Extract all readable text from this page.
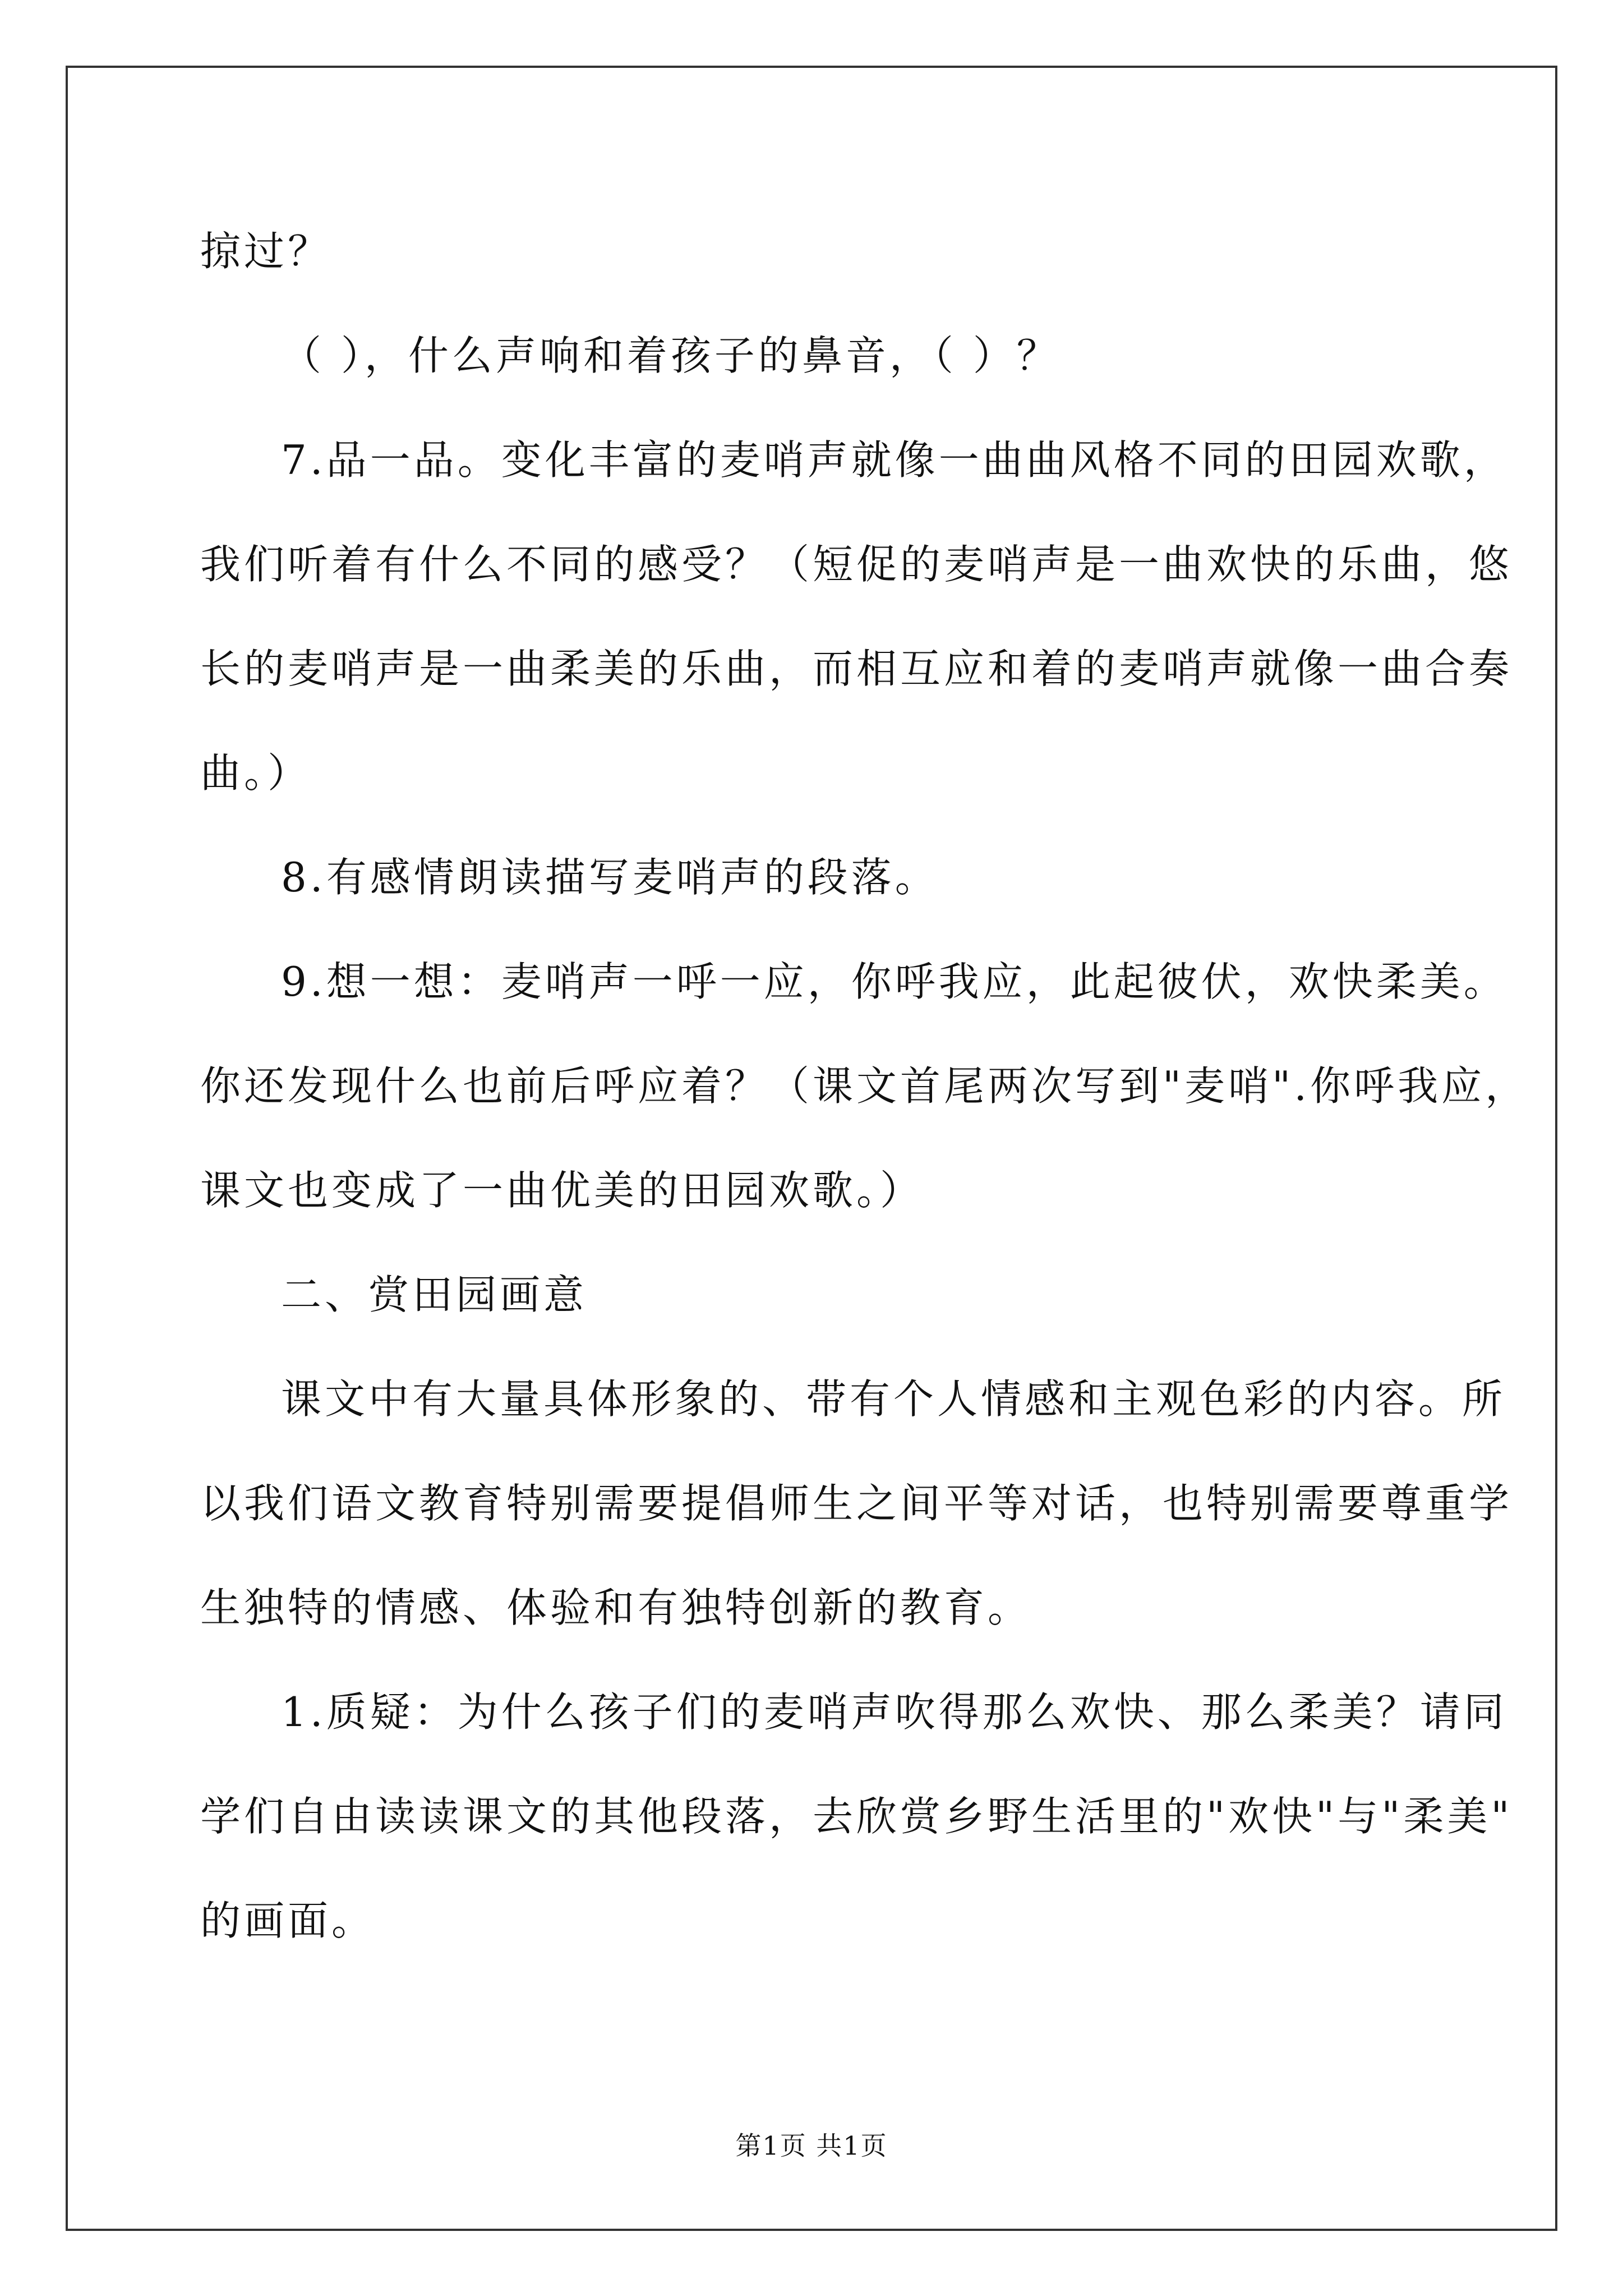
掠过？
（ ），什么声响和着孩子的鼻音，（ ）？
7.品一品。变化丰富的麦哨声就像一曲曲风格不同的田园欢歌，
我们听着有什么不同的感受？（短促的麦哨声是一曲欢快的乐曲，悠
长的麦哨声是一曲柔美的乐曲，而相互应和着的麦哨声就像一曲合奏
曲。）
8.有感情朗读描写麦哨声的段落。
9.想一想：麦哨声一呼一应，你呼我应，此起彼伏，欢快柔美。
你还发现什么也前后呼应着？（课文首尾两次写到"麦哨".你呼我应，
课文也变成了一曲优美的田园欢歌。）
二、赏田园画意
课文中有大量具体形象的、带有个人情感和主观色彩的内容。所
以我们语文教育特别需要提倡师生之间平等对话，也特别需要尊重学
生独特的情感、体验和有独特创新的教育。
1.质疑：为什么孩子们的麦哨声吹得那么欢快、那么柔美？请同
学们自由读读课文的其他段落，去欣赏乡野生活里的"欢快"与"柔美"
的画面。
第1页 共1页
